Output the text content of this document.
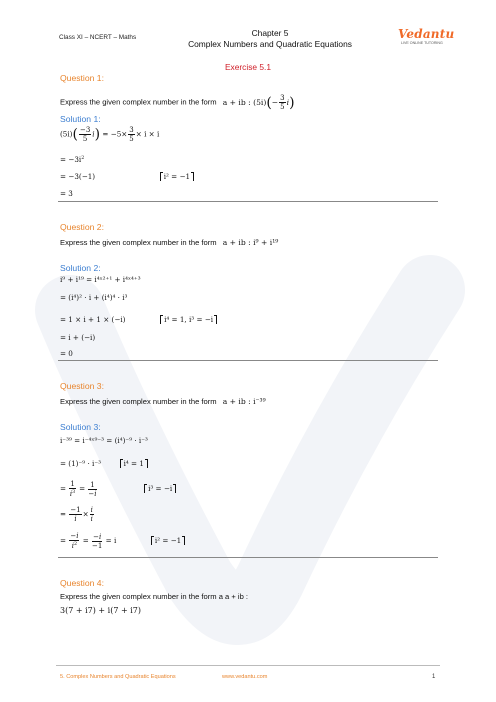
Class XI – NCERT – Maths	Chapter 5
Complex Numbers and Quadratic Equations
Vedantu
LIVE ONLINE TUTORING
Exercise 5.1
Question 1:
Express the given complex number in the form a + ib : $(5i)(- \frac{3}{5} i)$
Solution 1:
$(5i)( \frac{-3}{5} i) = -5\times \frac{3}{5} \times i \times i$
= $-3i^2$
= −3(−1)	i² = −1
= 3
Question 2:
Express the given complex number in the form a + ib : i⁹ + i¹⁹
Solution 2:
i⁹ + i¹⁹ = i⁴ˣ²⁺¹ + i⁴ˣ⁴⁺³
= (i⁴)² · i + (i⁴)⁴ · i³
= 1 × i + 1 × (−i)	i⁴ = 1, i³ = −i
= i + (−i)
= 0
Question 3:
Express the given complex number in the form a + ib : i⁻³⁹
Solution 3:
i⁻³⁹ = i⁻⁴ˣ⁹⁻³ = (i⁴)⁻⁹ · i⁻³
= (1)⁻⁹ · i⁻³	i⁴ = 1
= $\frac{1}{i^3} = \frac{1}{-i}$	i³ = −i
= $\frac{-1}{i} \times \frac{i}{i}$
= $\frac{-i}{i^2} = \frac{-i}{-1} = i$	i² = −1
Question 4:
Express the given complex number in the form a a + ib :
3(7 + i7) + i(7 + i7)
5. Complex Numbers and Quadratic Equations	www.vedantu.com	1
